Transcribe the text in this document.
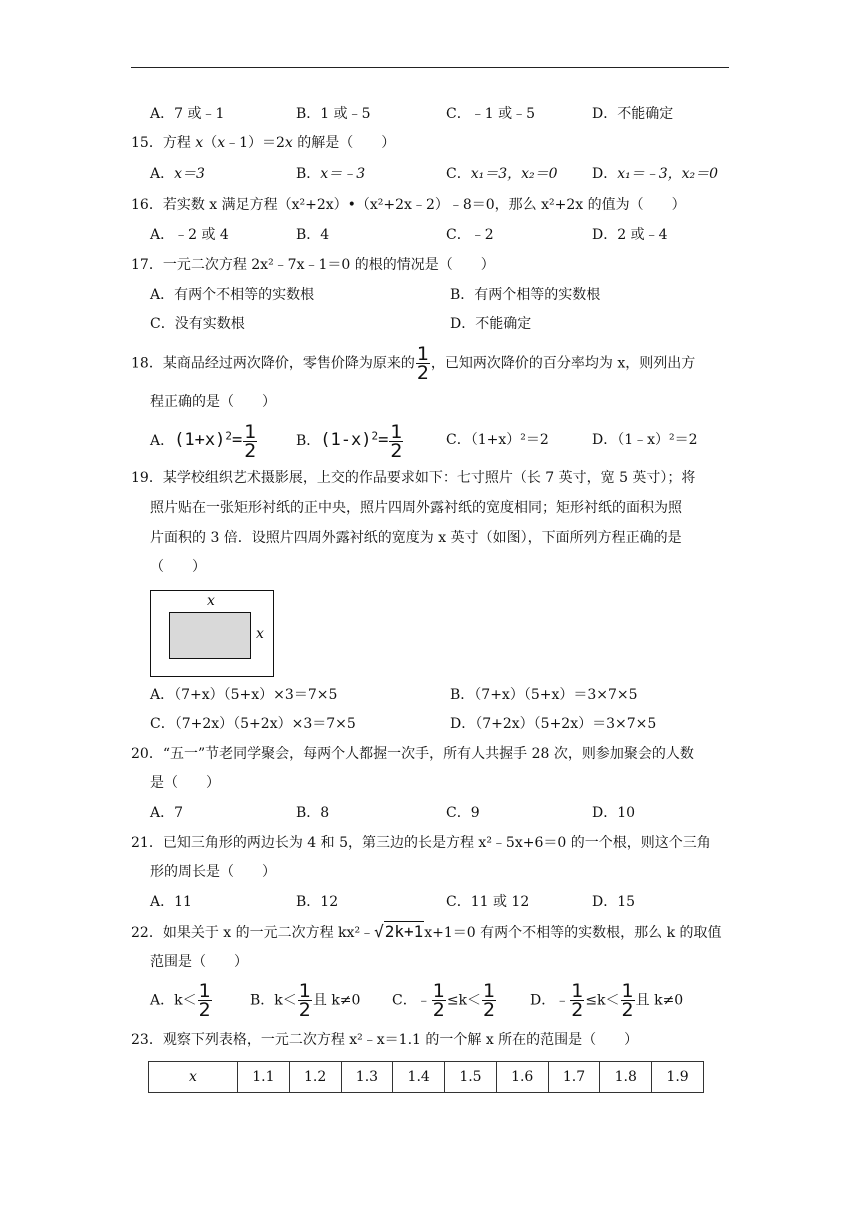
A．7 或﹣1	B．1 或﹣5	C．﹣1 或﹣5	D．不能确定
15．方程 x（x﹣1）＝2x 的解是（　　）
A．x＝3	B．x＝﹣3	C．x₁＝3，x₂＝0 D．x₁＝﹣3，x₂＝0
16．若实数 x 满足方程（x²+2x）•（x²+2x﹣2）﹣8＝0，那么 x²+2x 的值为（　　）
A．﹣2 或 4	B．4	C．﹣2	D．2 或﹣4
17．一元二次方程 2x²﹣7x﹣1＝0 的根的情况是（　　）
A．有两个不相等的实数根	B．有两个相等的实数根
C．没有实数根	D．不能确定
18．某商品经过两次降价，零售价降为原来的 $\frac{1}{2}$ ，已知两次降价的百分率均为 x，则列出方
程正确的是（　　）
A．$(1+x)^2= \frac{1}{2}$	B．$(1-x)^2= \frac{1}{2}$	C．（1+x）²＝2	D．（1﹣x）²＝2
19．某学校组织艺术摄影展，上交的作品要求如下：七寸照片（长 7 英寸，宽 5 英寸）；将
照片贴在一张矩形衬纸的正中央，照片四周外露衬纸的宽度相同；矩形衬纸的面积为照
片面积的 3 倍．设照片四周外露衬纸的宽度为 x 英寸（如图），下面所列方程正确的是
（　　）
x
x
A．（7+x）（5+x）×3＝7×5	B．（7+x）（5+x）＝3×7×5
C．（7+2x）（5+2x）×3＝7×5	D．（7+2x）（5+2x）＝3×7×5
20．“五一”节老同学聚会，每两个人都握一次手，所有人共握手 28 次，则参加聚会的人数
是（　　）
A．7	B．8	C．9	D．10
21．已知三角形的两边长为 4 和 5，第三边的长是方程 x²﹣5x+6＝0 的一个根，则这个三角
形的周长是（　　）
A．11	B．12	C．11 或 12	D．15
22．如果关于 x 的一元二次方程 kx²﹣√2k+1x+1＝0 有两个不相等的实数根，那么 k 的取值
范围是（　　）
A．$k< \frac{1}{2}$	B．$k< \frac{1}{2}$ 且 k≠0 C．﹣ $\frac{1}{2} \le k< \frac{1}{2}$ D．﹣ $\frac{1}{2} \le k< \frac{1}{2}$ 且 k≠0
23．观察下列表格，一元二次方程 x²﹣x＝1.1 的一个解 x 所在的范围是（　　）
x	1.1	1.2	1.3	1.4	1.5	1.6	1.7	1.8	1.9
